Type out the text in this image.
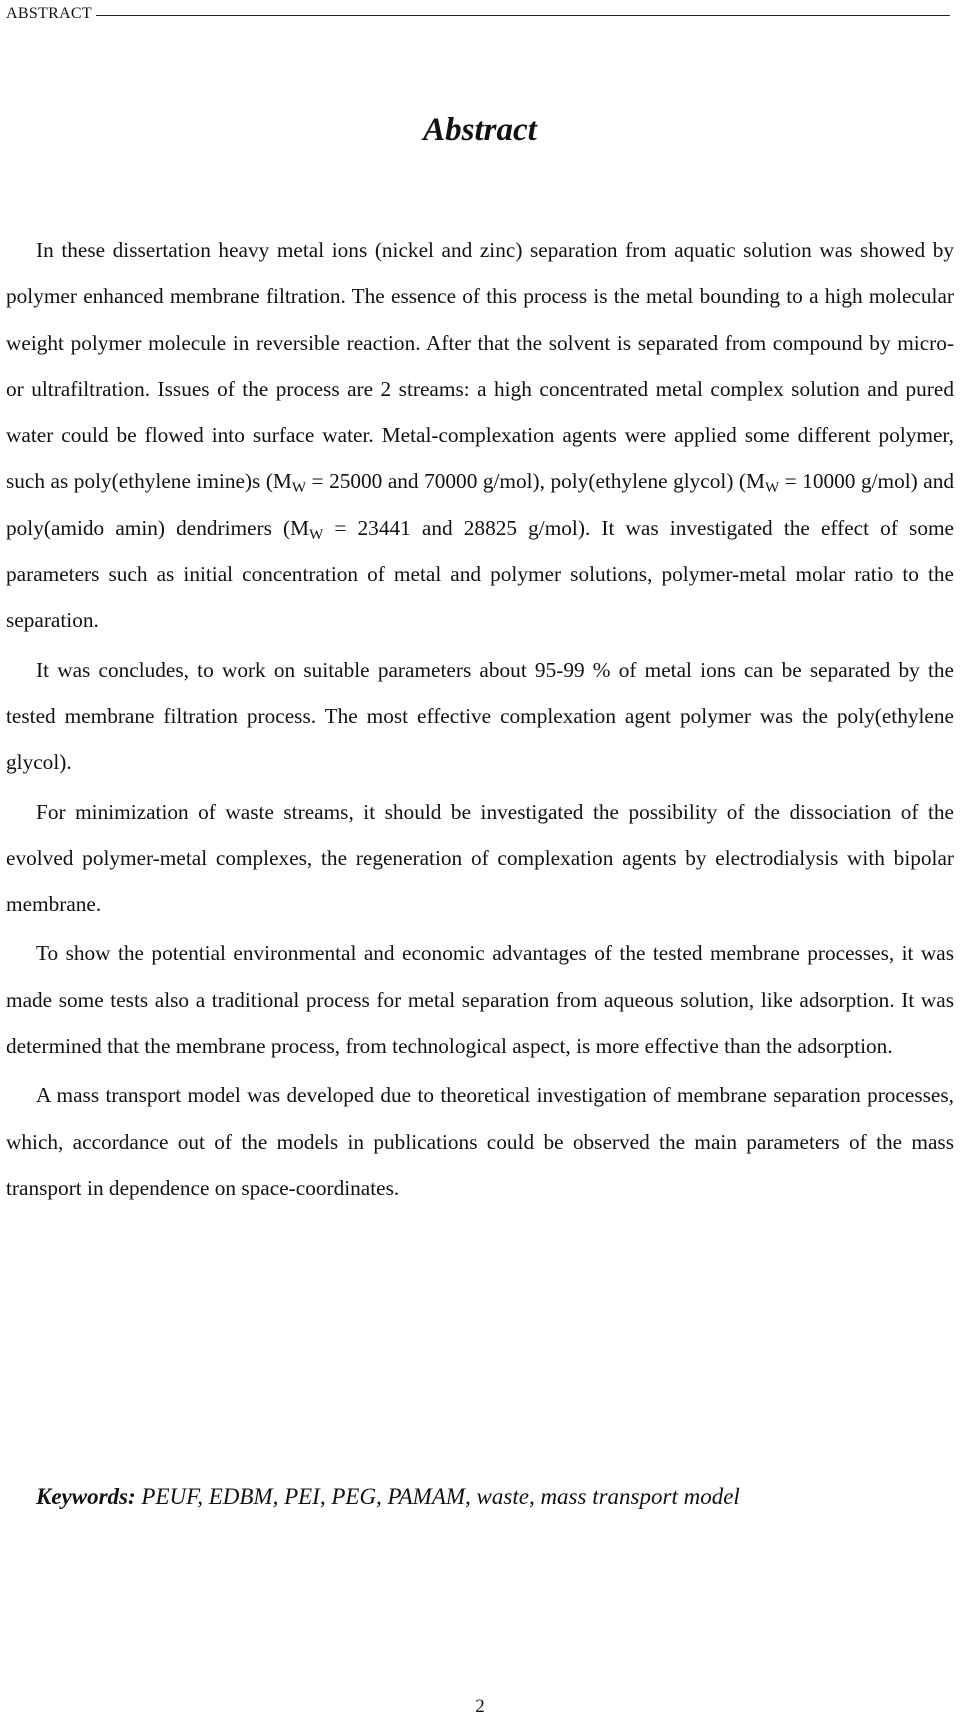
ABSTRACT
Abstract

In these dissertation heavy metal ions (nickel and zinc) separation from aquatic solution was showed by polymer enhanced membrane filtration. The essence of this process is the metal bounding to a high molecular weight polymer molecule in reversible reaction. After that the solvent is separated from compound by micro- or ultrafiltration. Issues of the process are 2 streams: a high concentrated metal complex solution and pured water could be flowed into surface water. Metal-complexation agents were applied some different polymer, such as poly(ethylene imine)s ($M_W = 25000$ and 70000 g/mol), poly(ethylene glycol) ($M_W = 10000$ g/mol) and poly(amido amin) dendrimers ($M_W = 23441$ and 28825 g/mol). It was investigated the effect of some parameters such as initial concentration of metal and polymer solutions, polymer-metal molar ratio to the separation.

It was concludes, to work on suitable parameters about 95-99 % of metal ions can be separated by the tested membrane filtration process. The most effective complexation agent polymer was the poly(ethylene glycol).

For minimization of waste streams, it should be investigated the possibility of the dissociation of the evolved polymer-metal complexes, the regeneration of complexation agents by electrodialysis with bipolar membrane.

To show the potential environmental and economic advantages of the tested membrane processes, it was made some tests also a traditional process for metal separation from aqueous solution, like adsorption. It was determined that the membrane process, from technological aspect, is more effective than the adsorption.

A mass transport model was developed due to theoretical investigation of membrane separation processes, which, accordance out of the models in publications could be observed the main parameters of the mass transport in dependence on space-coordinates.

Keywords: PEUF, EDBM, PEI, PEG, PAMAM, waste, mass transport model
2
